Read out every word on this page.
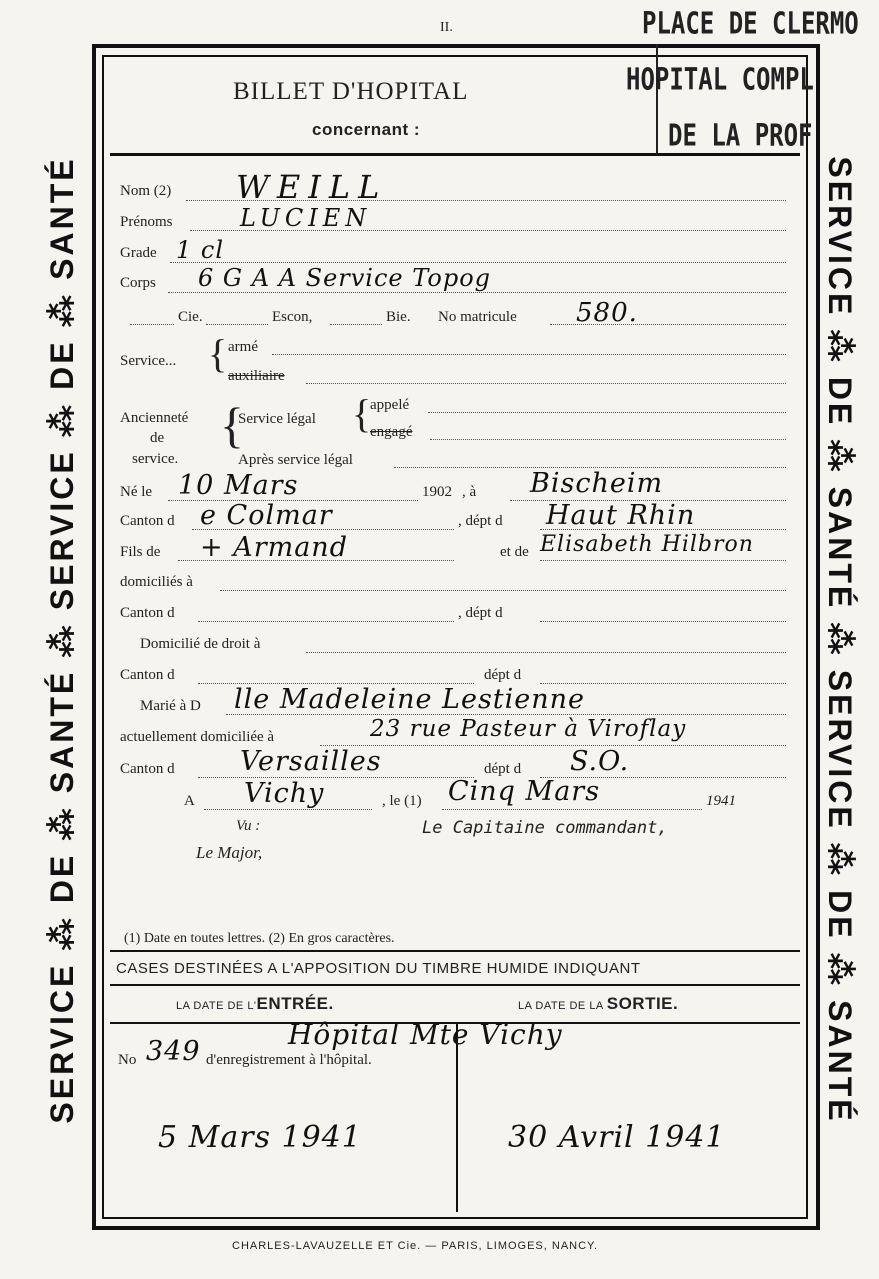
SERVICE ⁂ DE ⁂ SANTÉ ⁂ SERVICE ⁂ DE ⁂ SANTÉ	SERVICE ⁂ DE ⁂ SANTÉ ⁂ SERVICE ⁂ DE ⁂ SANTÉ
II.	PLACE DE CLERMO
HOPITAL COMPL
DE LA PROF
BILLET D'HOPITAL
concernant :
Nom (2) WEILL
Prénoms	LUCIEN
Grade 1 cl
Corps 6 G A A Service Topog
Cie.	Escon,	Bie. No matricule 580.
Service... { armé
auxiliaire
Ancienneté
de
service.
{
Service légal {
appelé
engagé
Après service légal
Né le 10 Mars	1902 , à Bischeim
Canton d e Colmar	, dépt d Haut Rhin
Fils de + Armand	et de Elisabeth Hilbron
domiciliés à
Canton d	, dépt d
Domicilié de droit à
Canton d	dépt d
Marié à D lle Madeleine Lestienne
actuellement domiciliée à	23 rue Pasteur à Viroflay
Canton d Versailles	dépt d S.O.
A Vichy	, le (1) Cinq Mars	1941
Vu :	Le Capitaine commandant,
Le Major,
(1) Date en toutes lettres. (2) En gros caractères.
CASES DESTINÉES A L'APPOSITION DU TIMBRE HUMIDE INDIQUANT
LA DATE DE L'ENTRÉE.	LA DATE DE LA SORTIE.
No 349 d'enregistrement à l'hôpital.
Hôpital Mte Vichy
5 Mars 1941	30 Avril 1941
CHARLES-LAVAUZELLE ET Cie. — PARIS, LIMOGES, NANCY.
